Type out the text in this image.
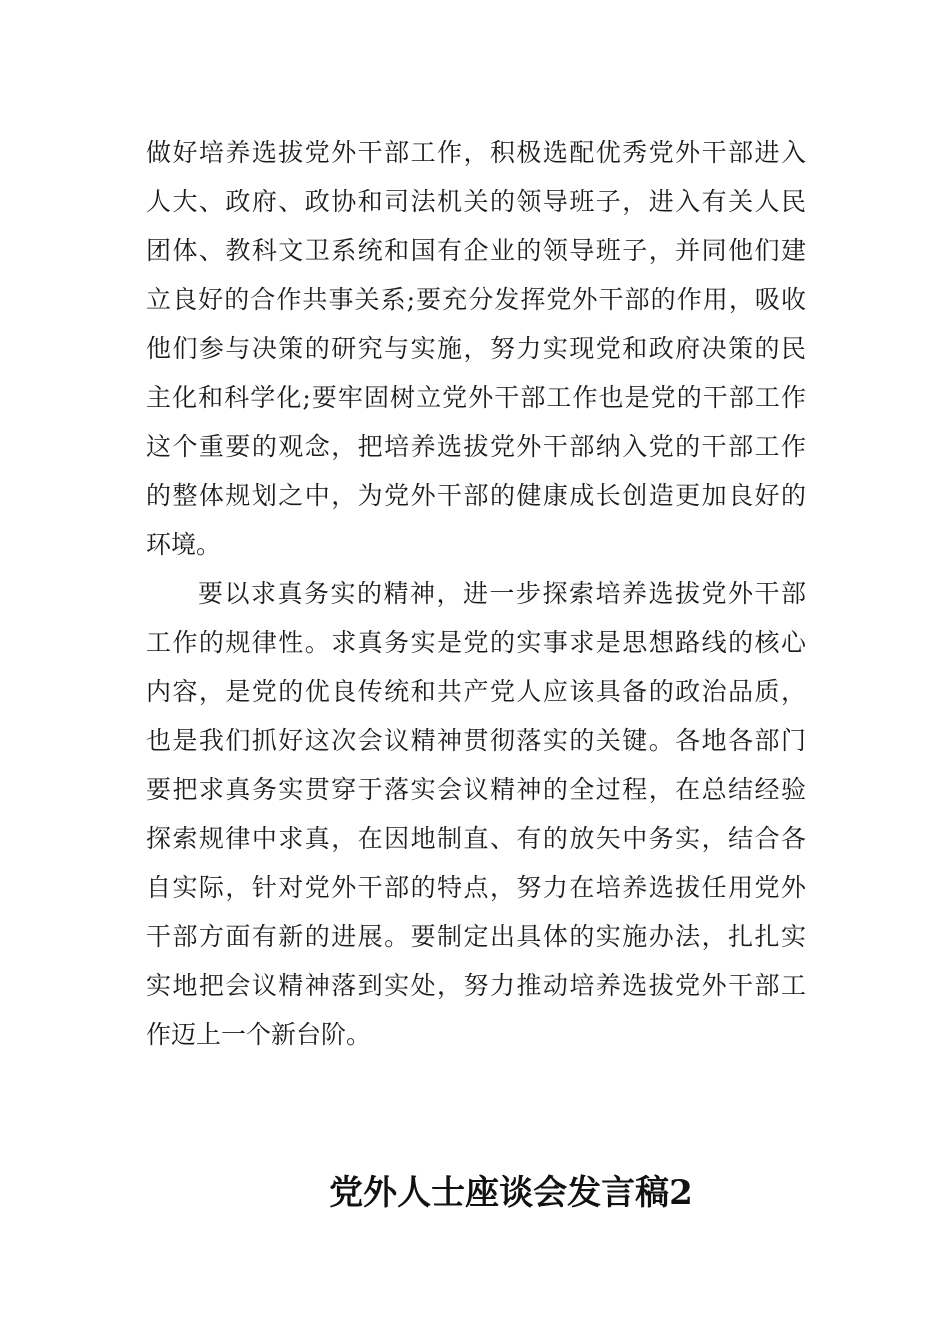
做好培养选拔党外干部工作，积极选配优秀党外干部进入
人大、政府、政协和司法机关的领导班子，进入有关人民
团体、教科文卫系统和国有企业的领导班子，并同他们建
立良好的合作共事关系;要充分发挥党外干部的作用，吸收
他们参与决策的研究与实施，努力实现党和政府决策的民
主化和科学化;要牢固树立党外干部工作也是党的干部工作
这个重要的观念，把培养选拔党外干部纳入党的干部工作
的整体规划之中，为党外干部的健康成长创造更加良好的
环境。
要以求真务实的精神，进一步探索培养选拔党外干部
工作的规律性。求真务实是党的实事求是思想路线的核心
内容，是党的优良传统和共产党人应该具备的政治品质，
也是我们抓好这次会议精神贯彻落实的关键。各地各部门
要把求真务实贯穿于落实会议精神的全过程，在总结经验
探索规律中求真，在因地制直、有的放矢中务实，结合各
自实际，针对党外干部的特点，努力在培养选拔任用党外
干部方面有新的进展。要制定出具体的实施办法，扎扎实
实地把会议精神落到实处，努力推动培养选拔党外干部工
作迈上一个新台阶。
党外人士座谈会发言稿2
